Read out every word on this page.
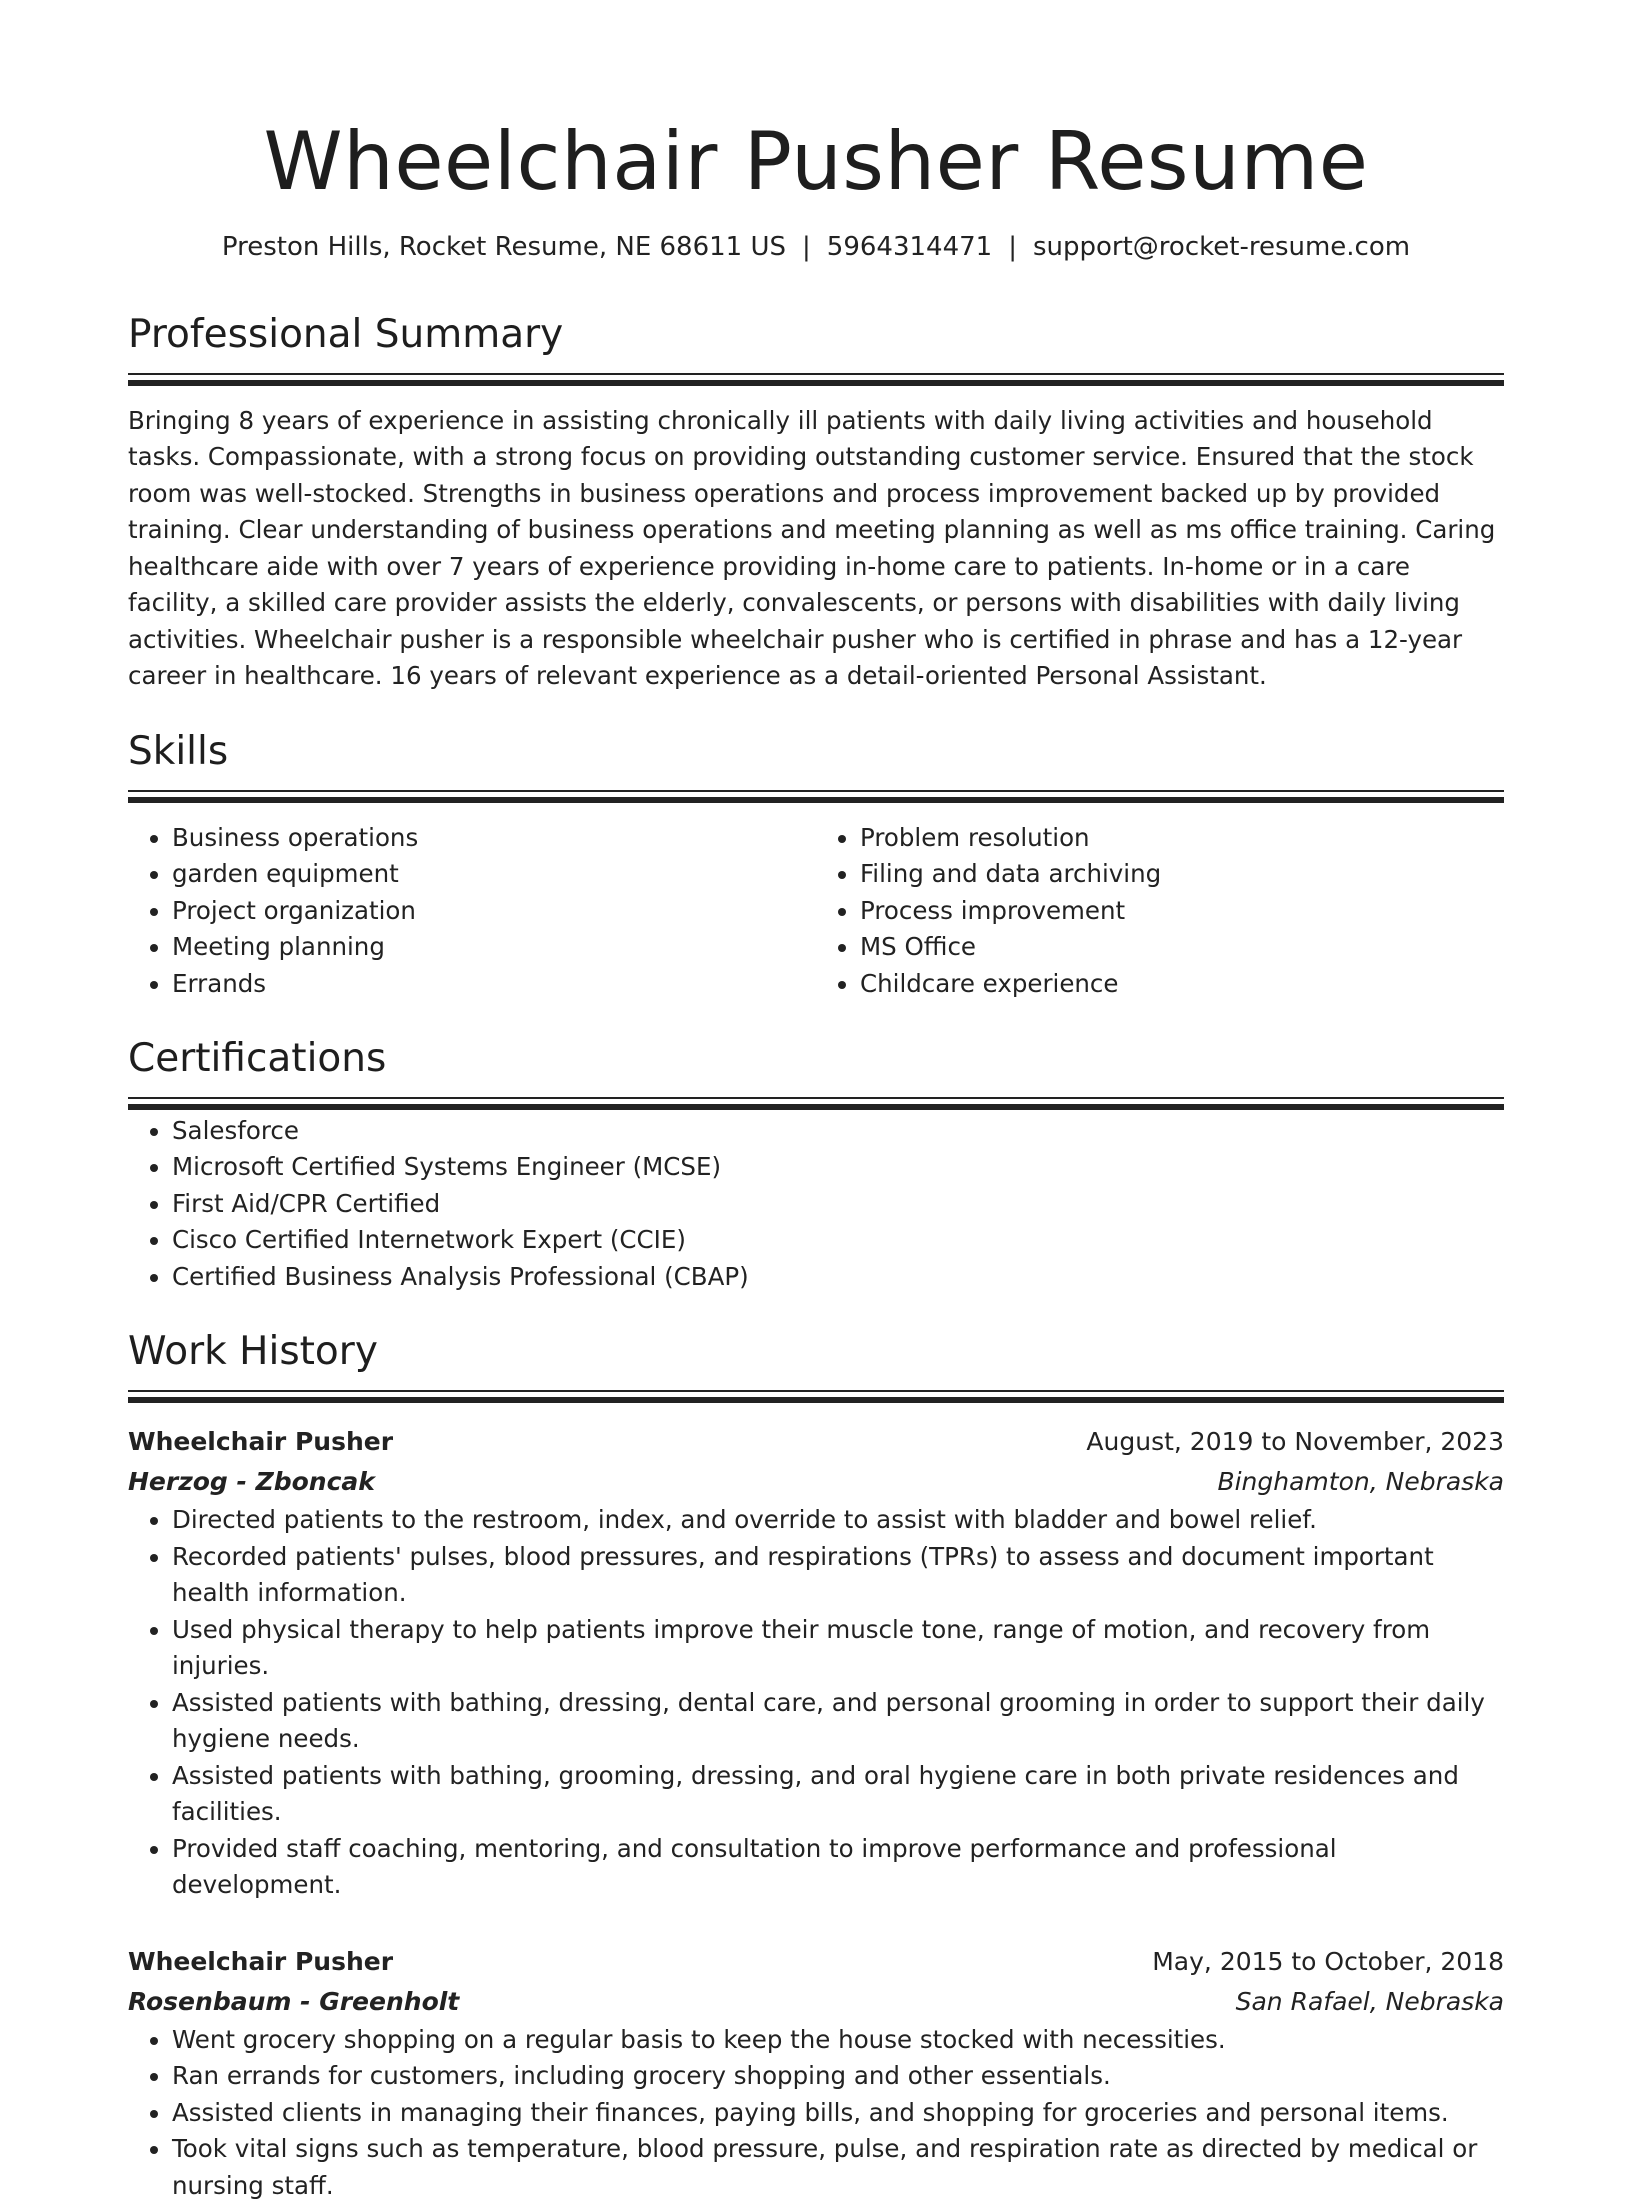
Wheelchair Pusher Resume
Preston Hills, Rocket Resume, NE 68611 US | 5964314471 | support@rocket-resume.com
Professional Summary
Bringing 8 years of experience in assisting chronically ill patients with daily living activities and household tasks. Compassionate, with a strong focus on providing outstanding customer service. Ensured that the stock room was well-stocked. Strengths in business operations and process improvement backed up by provided training. Clear understanding of business operations and meeting planning as well as ms office training. Caring healthcare aide with over 7 years of experience providing in-home care to patients. In-home or in a care facility, a skilled care provider assists the elderly, convalescents, or persons with disabilities with daily living activities. Wheelchair pusher is a responsible wheelchair pusher who is certified in phrase and has a 12-year career in healthcare. 16 years of relevant experience as a detail-oriented Personal Assistant.
Skills
• Business operations
• garden equipment
• Project organization
• Meeting planning
• Errands
• Problem resolution
• Filing and data archiving
• Process improvement
• MS Office
• Childcare experience
Certifications
• Salesforce
• Microsoft Certified Systems Engineer (MCSE)
• First Aid/CPR Certified
• Cisco Certified Internetwork Expert (CCIE)
• Certified Business Analysis Professional (CBAP)
Work History
Wheelchair Pusher	August, 2019 to November, 2023
Herzog - Zboncak	Binghamton, Nebraska
• Directed patients to the restroom, index, and override to assist with bladder and bowel relief.
• Recorded patients' pulses, blood pressures, and respirations (TPRs) to assess and document important health information.
• Used physical therapy to help patients improve their muscle tone, range of motion, and recovery from injuries.
• Assisted patients with bathing, dressing, dental care, and personal grooming in order to support their daily hygiene needs.
• Assisted patients with bathing, grooming, dressing, and oral hygiene care in both private residences and facilities.
• Provided staff coaching, mentoring, and consultation to improve performance and professional development.
Wheelchair Pusher	May, 2015 to October, 2018
Rosenbaum - Greenholt	San Rafael, Nebraska
• Went grocery shopping on a regular basis to keep the house stocked with necessities.
• Ran errands for customers, including grocery shopping and other essentials.
• Assisted clients in managing their finances, paying bills, and shopping for groceries and personal items.
• Took vital signs such as temperature, blood pressure, pulse, and respiration rate as directed by medical or nursing staff.
